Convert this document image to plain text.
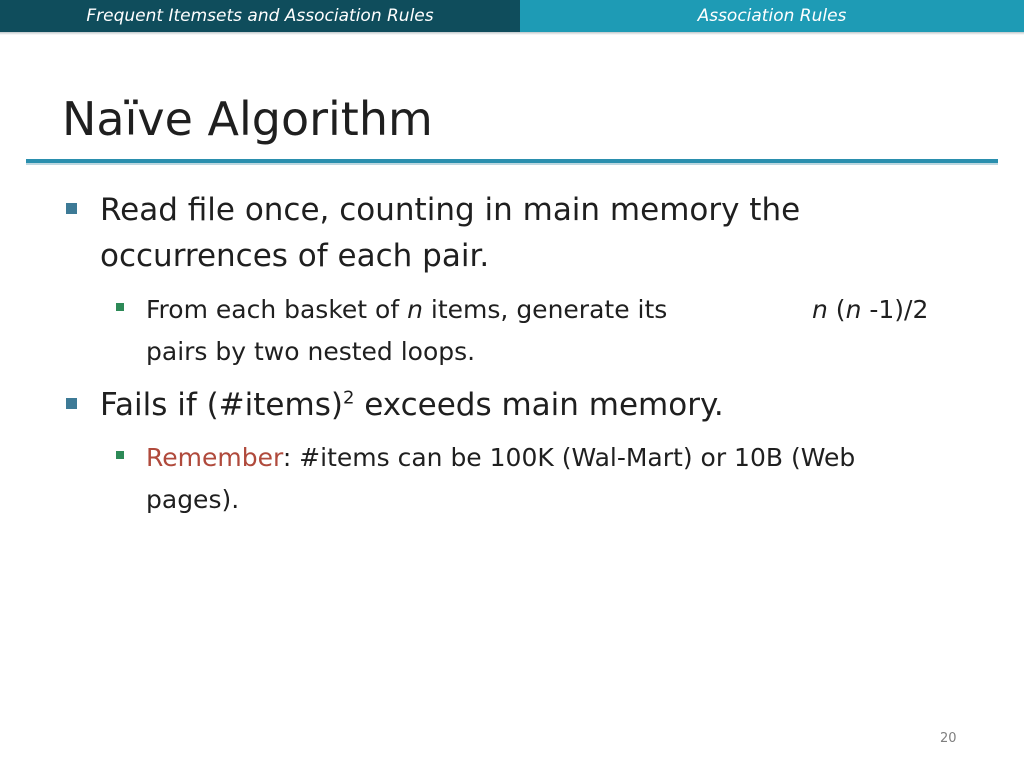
Frequent Itemsets and Association Rules	Association Rules
Naïve Algorithm
Read file once, counting in main memory the
occurrences of each pair.
From each basket of n items, generate its	n (n -1)/2
pairs by two nested loops.
Fails if (#items)$^2$ exceeds main memory.
Remember: #items can be 100K (Wal-Mart) or 10B (Web
pages).
20
